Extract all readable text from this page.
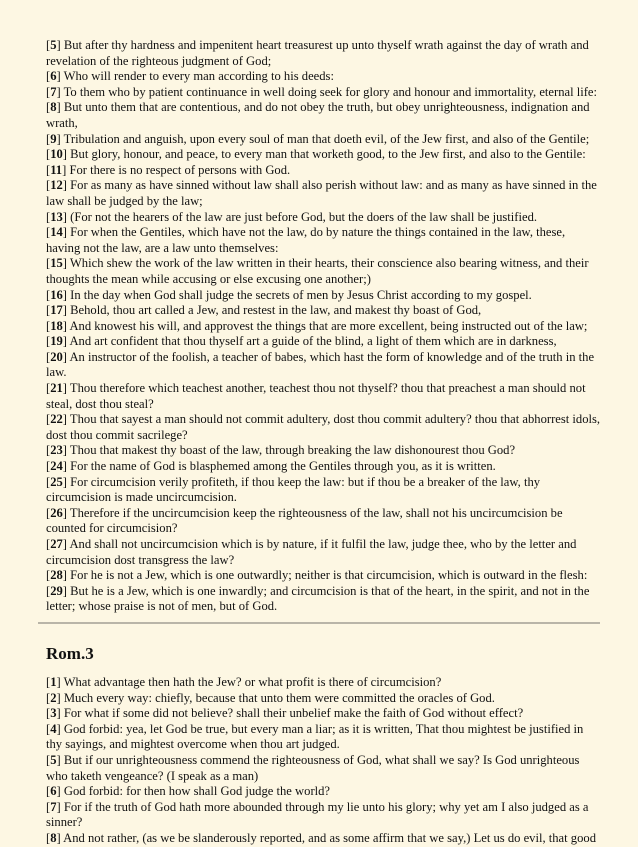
[5] But after thy hardness and impenitent heart treasurest up unto thyself wrath against the day of wrath and revelation of the righteous judgment of God;

[6] Who will render to every man according to his deeds:

[7] To them who by patient continuance in well doing seek for glory and honour and immortality, eternal life:

[8] But unto them that are contentious, and do not obey the truth, but obey unrighteousness, indignation and wrath,

[9] Tribulation and anguish, upon every soul of man that doeth evil, of the Jew first, and also of the Gentile;

[10] But glory, honour, and peace, to every man that worketh good, to the Jew first, and also to the Gentile:

[11] For there is no respect of persons with God.

[12] For as many as have sinned without law shall also perish without law: and as many as have sinned in the law shall be judged by the law;

[13] (For not the hearers of the law are just before God, but the doers of the law shall be justified.

[14] For when the Gentiles, which have not the law, do by nature the things contained in the law, these, having not the law, are a law unto themselves:

[15] Which shew the work of the law written in their hearts, their conscience also bearing witness, and their thoughts the mean while accusing or else excusing one another;)

[16] In the day when God shall judge the secrets of men by Jesus Christ according to my gospel.

[17] Behold, thou art called a Jew, and restest in the law, and makest thy boast of God,

[18] And knowest his will, and approvest the things that are more excellent, being instructed out of the law;

[19] And art confident that thou thyself art a guide of the blind, a light of them which are in darkness,

[20] An instructor of the foolish, a teacher of babes, which hast the form of knowledge and of the truth in the law.

[21] Thou therefore which teachest another, teachest thou not thyself? thou that preachest a man should not steal, dost thou steal?

[22] Thou that sayest a man should not commit adultery, dost thou commit adultery? thou that abhorrest idols, dost thou commit sacrilege?

[23] Thou that makest thy boast of the law, through breaking the law dishonourest thou God?

[24] For the name of God is blasphemed among the Gentiles through you, as it is written.

[25] For circumcision verily profiteth, if thou keep the law: but if thou be a breaker of the law, thy circumcision is made uncircumcision.

[26] Therefore if the uncircumcision keep the righteousness of the law, shall not his uncircumcision be counted for circumcision?

[27] And shall not uncircumcision which is by nature, if it fulfil the law, judge thee, who by the letter and circumcision dost transgress the law?

[28] For he is not a Jew, which is one outwardly; neither is that circumcision, which is outward in the flesh:

[29] But he is a Jew, which is one inwardly; and circumcision is that of the heart, in the spirit, and not in the letter; whose praise is not of men, but of God.

Rom.3

[1] What advantage then hath the Jew? or what profit is there of circumcision?

[2] Much every way: chiefly, because that unto them were committed the oracles of God.

[3] For what if some did not believe? shall their unbelief make the faith of God without effect?

[4] God forbid: yea, let God be true, but every man a liar; as it is written, That thou mightest be justified in thy sayings, and mightest overcome when thou art judged.

[5] But if our unrighteousness commend the righteousness of God, what shall we say? Is God unrighteous who taketh vengeance? (I speak as a man)

[6] God forbid: for then how shall God judge the world?

[7] For if the truth of God hath more abounded through my lie unto his glory; why yet am I also judged as a sinner?

[8] And not rather, (as we be slanderously reported, and as some affirm that we say,) Let us do evil, that good
